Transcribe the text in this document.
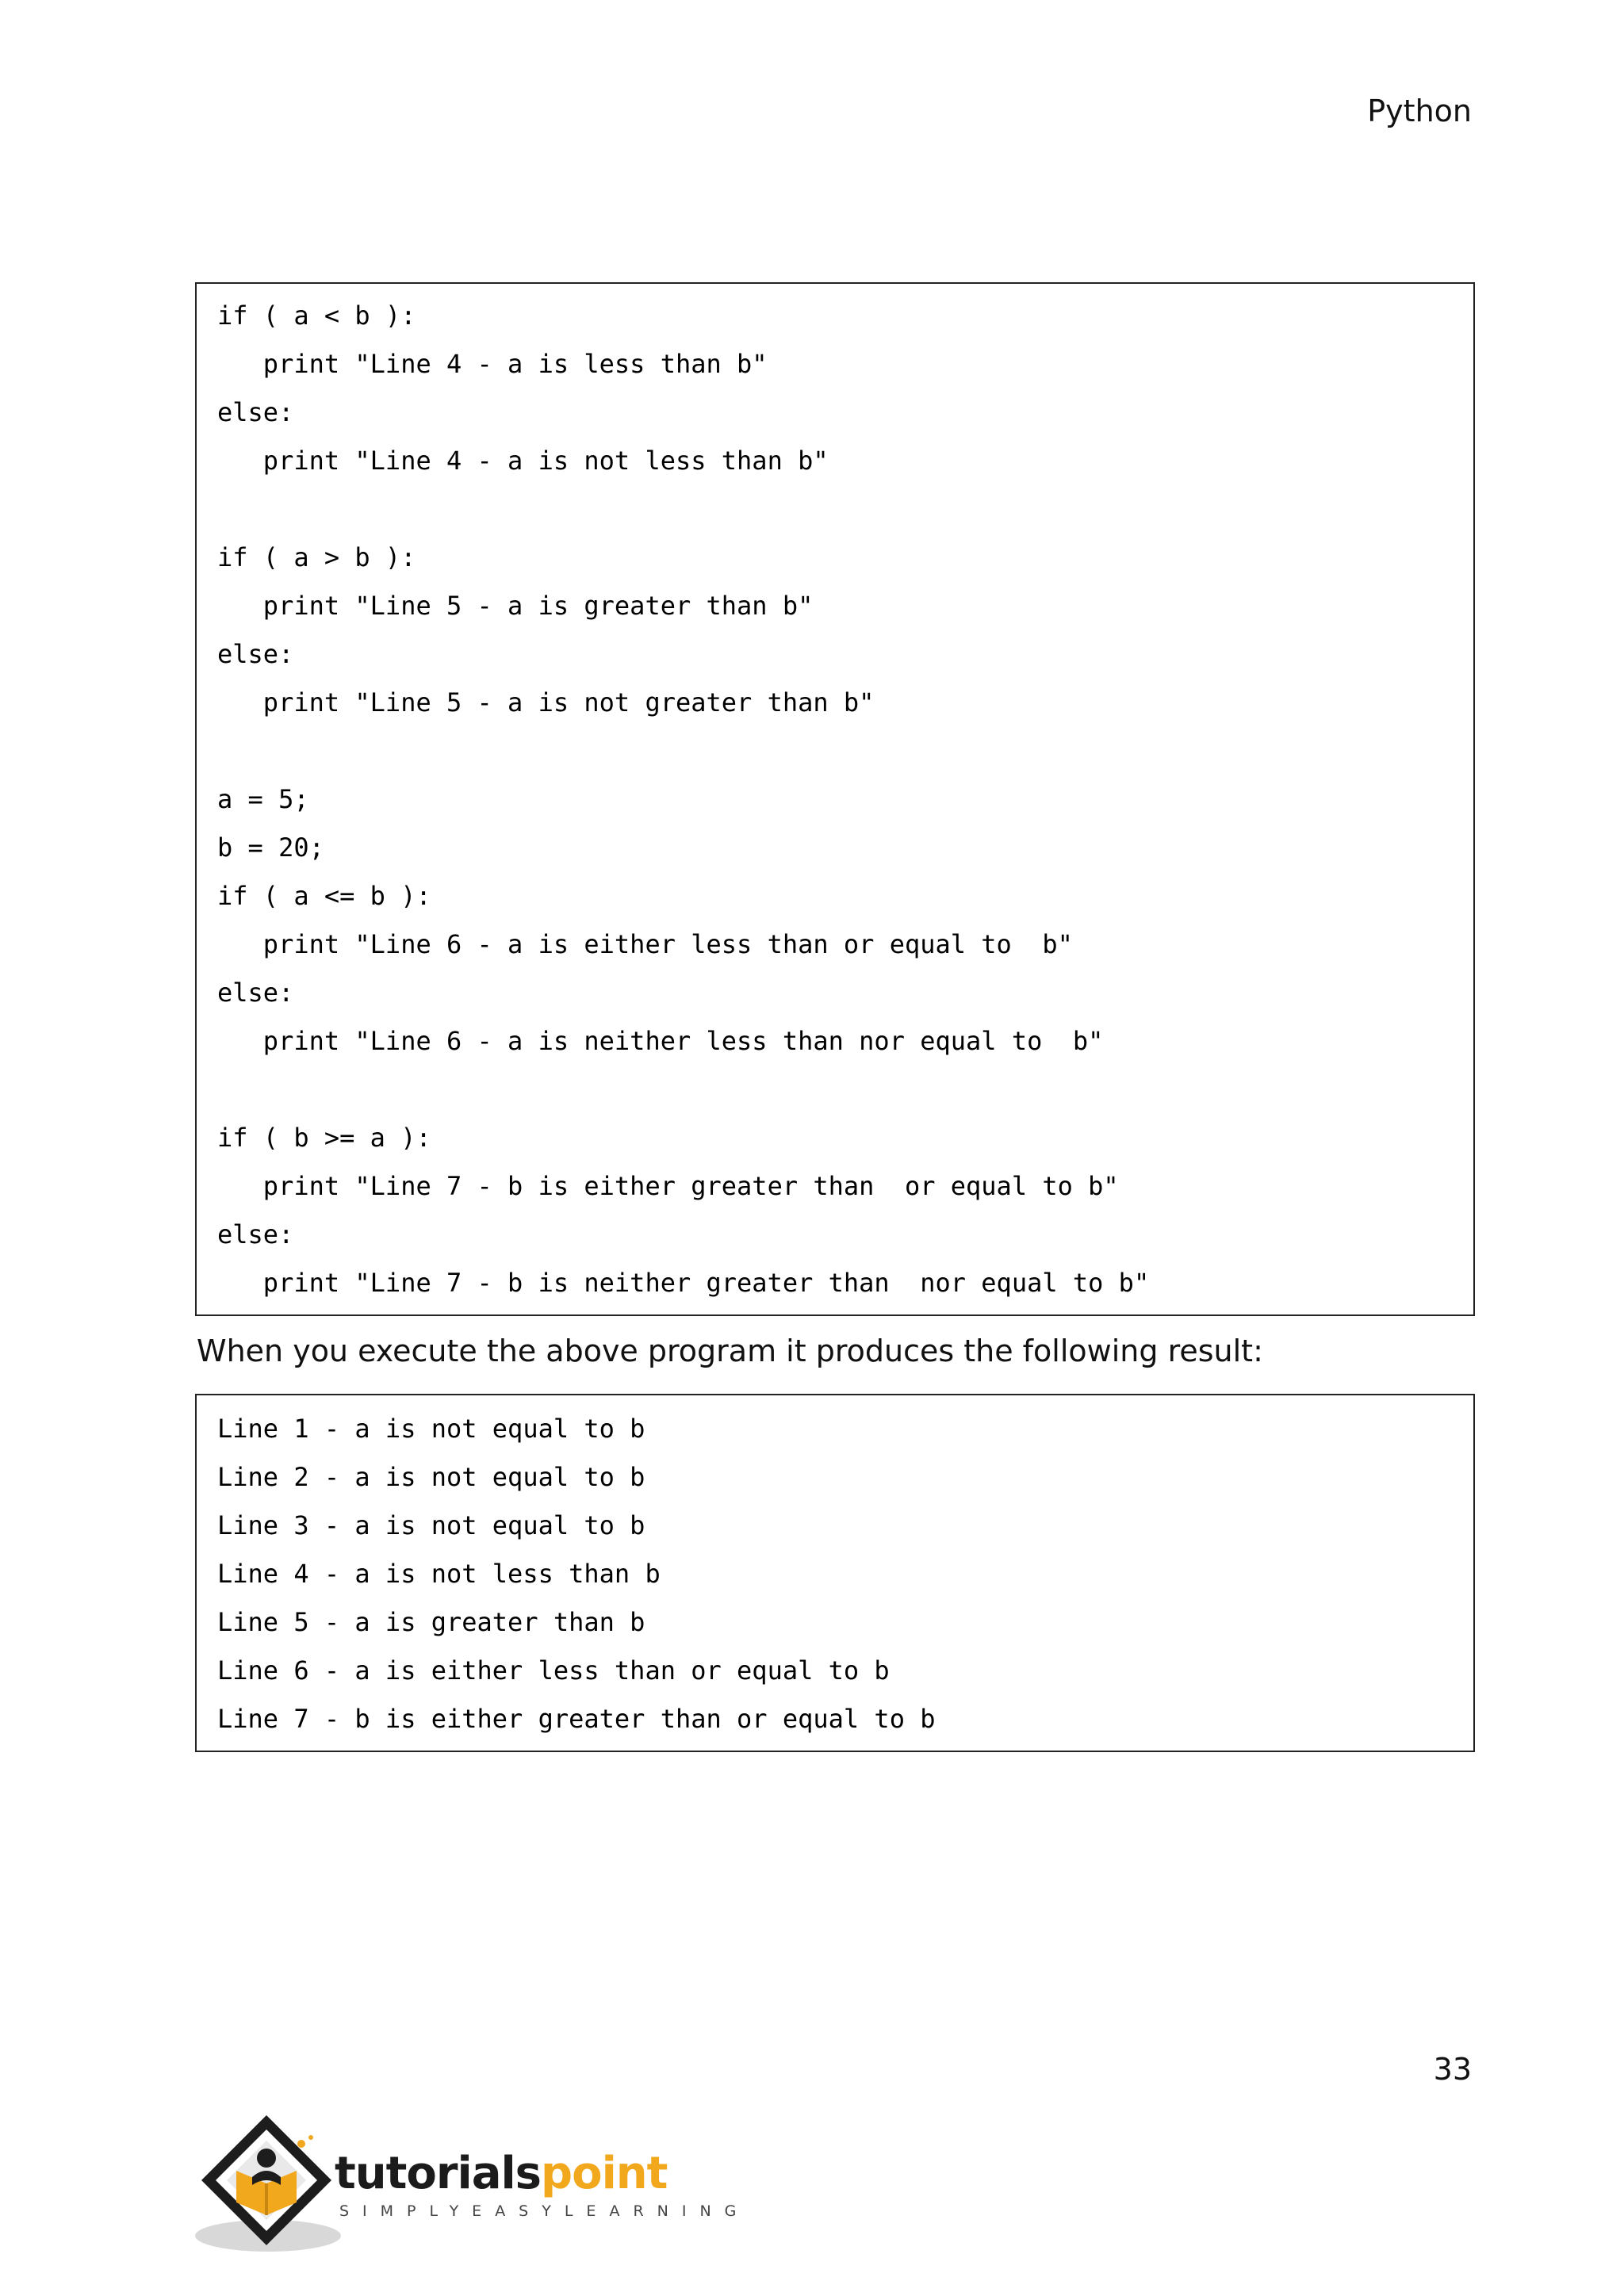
Python
if ( a < b ):
print "Line 4 - a is less than b"
else:
print "Line 4 - a is not less than b"
if ( a > b ):
print "Line 5 - a is greater than b"
else:
print "Line 5 - a is not greater than b"
a = 5;
b = 20;
if ( a <= b ):
print "Line 6 - a is either less than or equal to  b"
else:
print "Line 6 - a is neither less than nor equal to  b"
if ( b >= a ):
print "Line 7 - b is either greater than  or equal to b"
else:
print "Line 7 - b is neither greater than  nor equal to b"
When you execute the above program it produces the following result:
Line 1 - a is not equal to b
Line 2 - a is not equal to b
Line 3 - a is not equal to b
Line 4 - a is not less than b
Line 5 - a is greater than b
Line 6 - a is either less than or equal to b
Line 7 - b is either greater than or equal to b
33
tutorialspoint
SIMPLYEASYLEARNING
